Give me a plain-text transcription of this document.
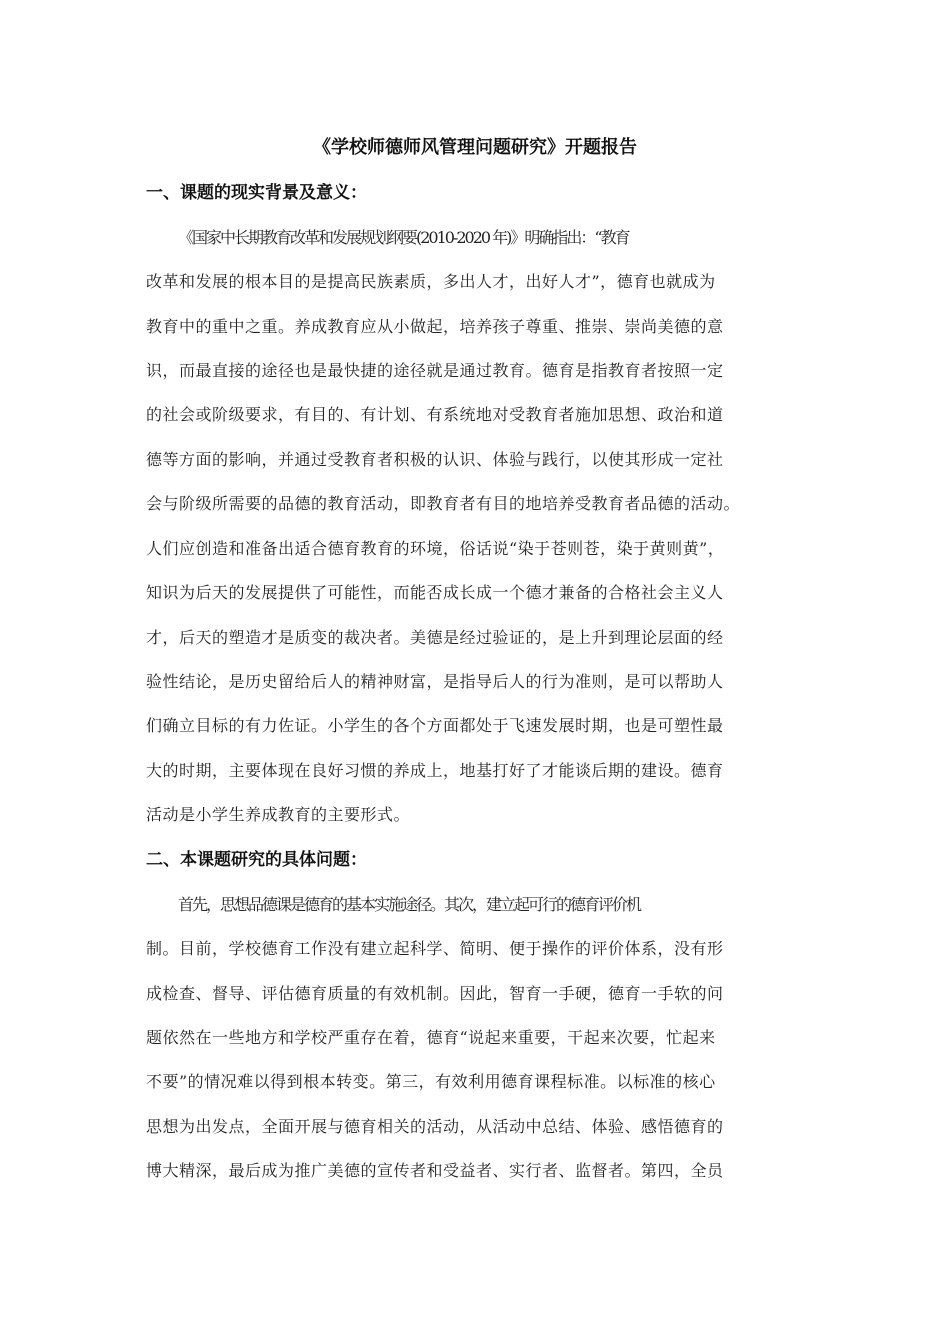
《学校师德师风管理问题研究》开题报告
一、课题的现实背景及意义：

《国家中长期教育改革和发展规划纲要(2010-2020 年)》明确指出：“教育

改革和发展的根本目的是提高民族素质，多出人才，出好人才”，德育也就成为

教育中的重中之重。养成教育应从小做起，培养孩子尊重、推崇、崇尚美德的意

识，而最直接的途径也是最快捷的途径就是通过教育。德育是指教育者按照一定

的社会或阶级要求，有目的、有计划、有系统地对受教育者施加思想、政治和道

德等方面的影响，并通过受教育者积极的认识、体验与践行，以使其形成一定社

会与阶级所需要的品德的教育活动，即教育者有目的地培养受教育者品德的活动。

人们应创造和准备出适合德育教育的环境，俗话说“染于苍则苍，染于黄则黄”，

知识为后天的发展提供了可能性，而能否成长成一个德才兼备的合格社会主义人

才，后天的塑造才是质变的裁决者。美德是经过验证的，是上升到理论层面的经

验性结论，是历史留给后人的精神财富，是指导后人的行为准则，是可以帮助人

们确立目标的有力佐证。小学生的各个方面都处于飞速发展时期，也是可塑性最

大的时期，主要体现在良好习惯的养成上，地基打好了才能谈后期的建设。德育

活动是小学生养成教育的主要形式。

二、本课题研究的具体问题：

首先，思想品德课是德育的基本实施途径。其次，建立起可行的德育评价机

制。目前，学校德育工作没有建立起科学、简明、便于操作的评价体系，没有形

成检查、督导、评估德育质量的有效机制。因此，智育一手硬，德育一手软的问

题依然在一些地方和学校严重存在着，德育“说起来重要，干起来次要，忙起来

不要”的情况难以得到根本转变。第三，有效利用德育课程标准。以标准的核心

思想为出发点，全面开展与德育相关的活动，从活动中总结、体验、感悟德育的

博大精深，最后成为推广美德的宣传者和受益者、实行者、监督者。第四，全员
